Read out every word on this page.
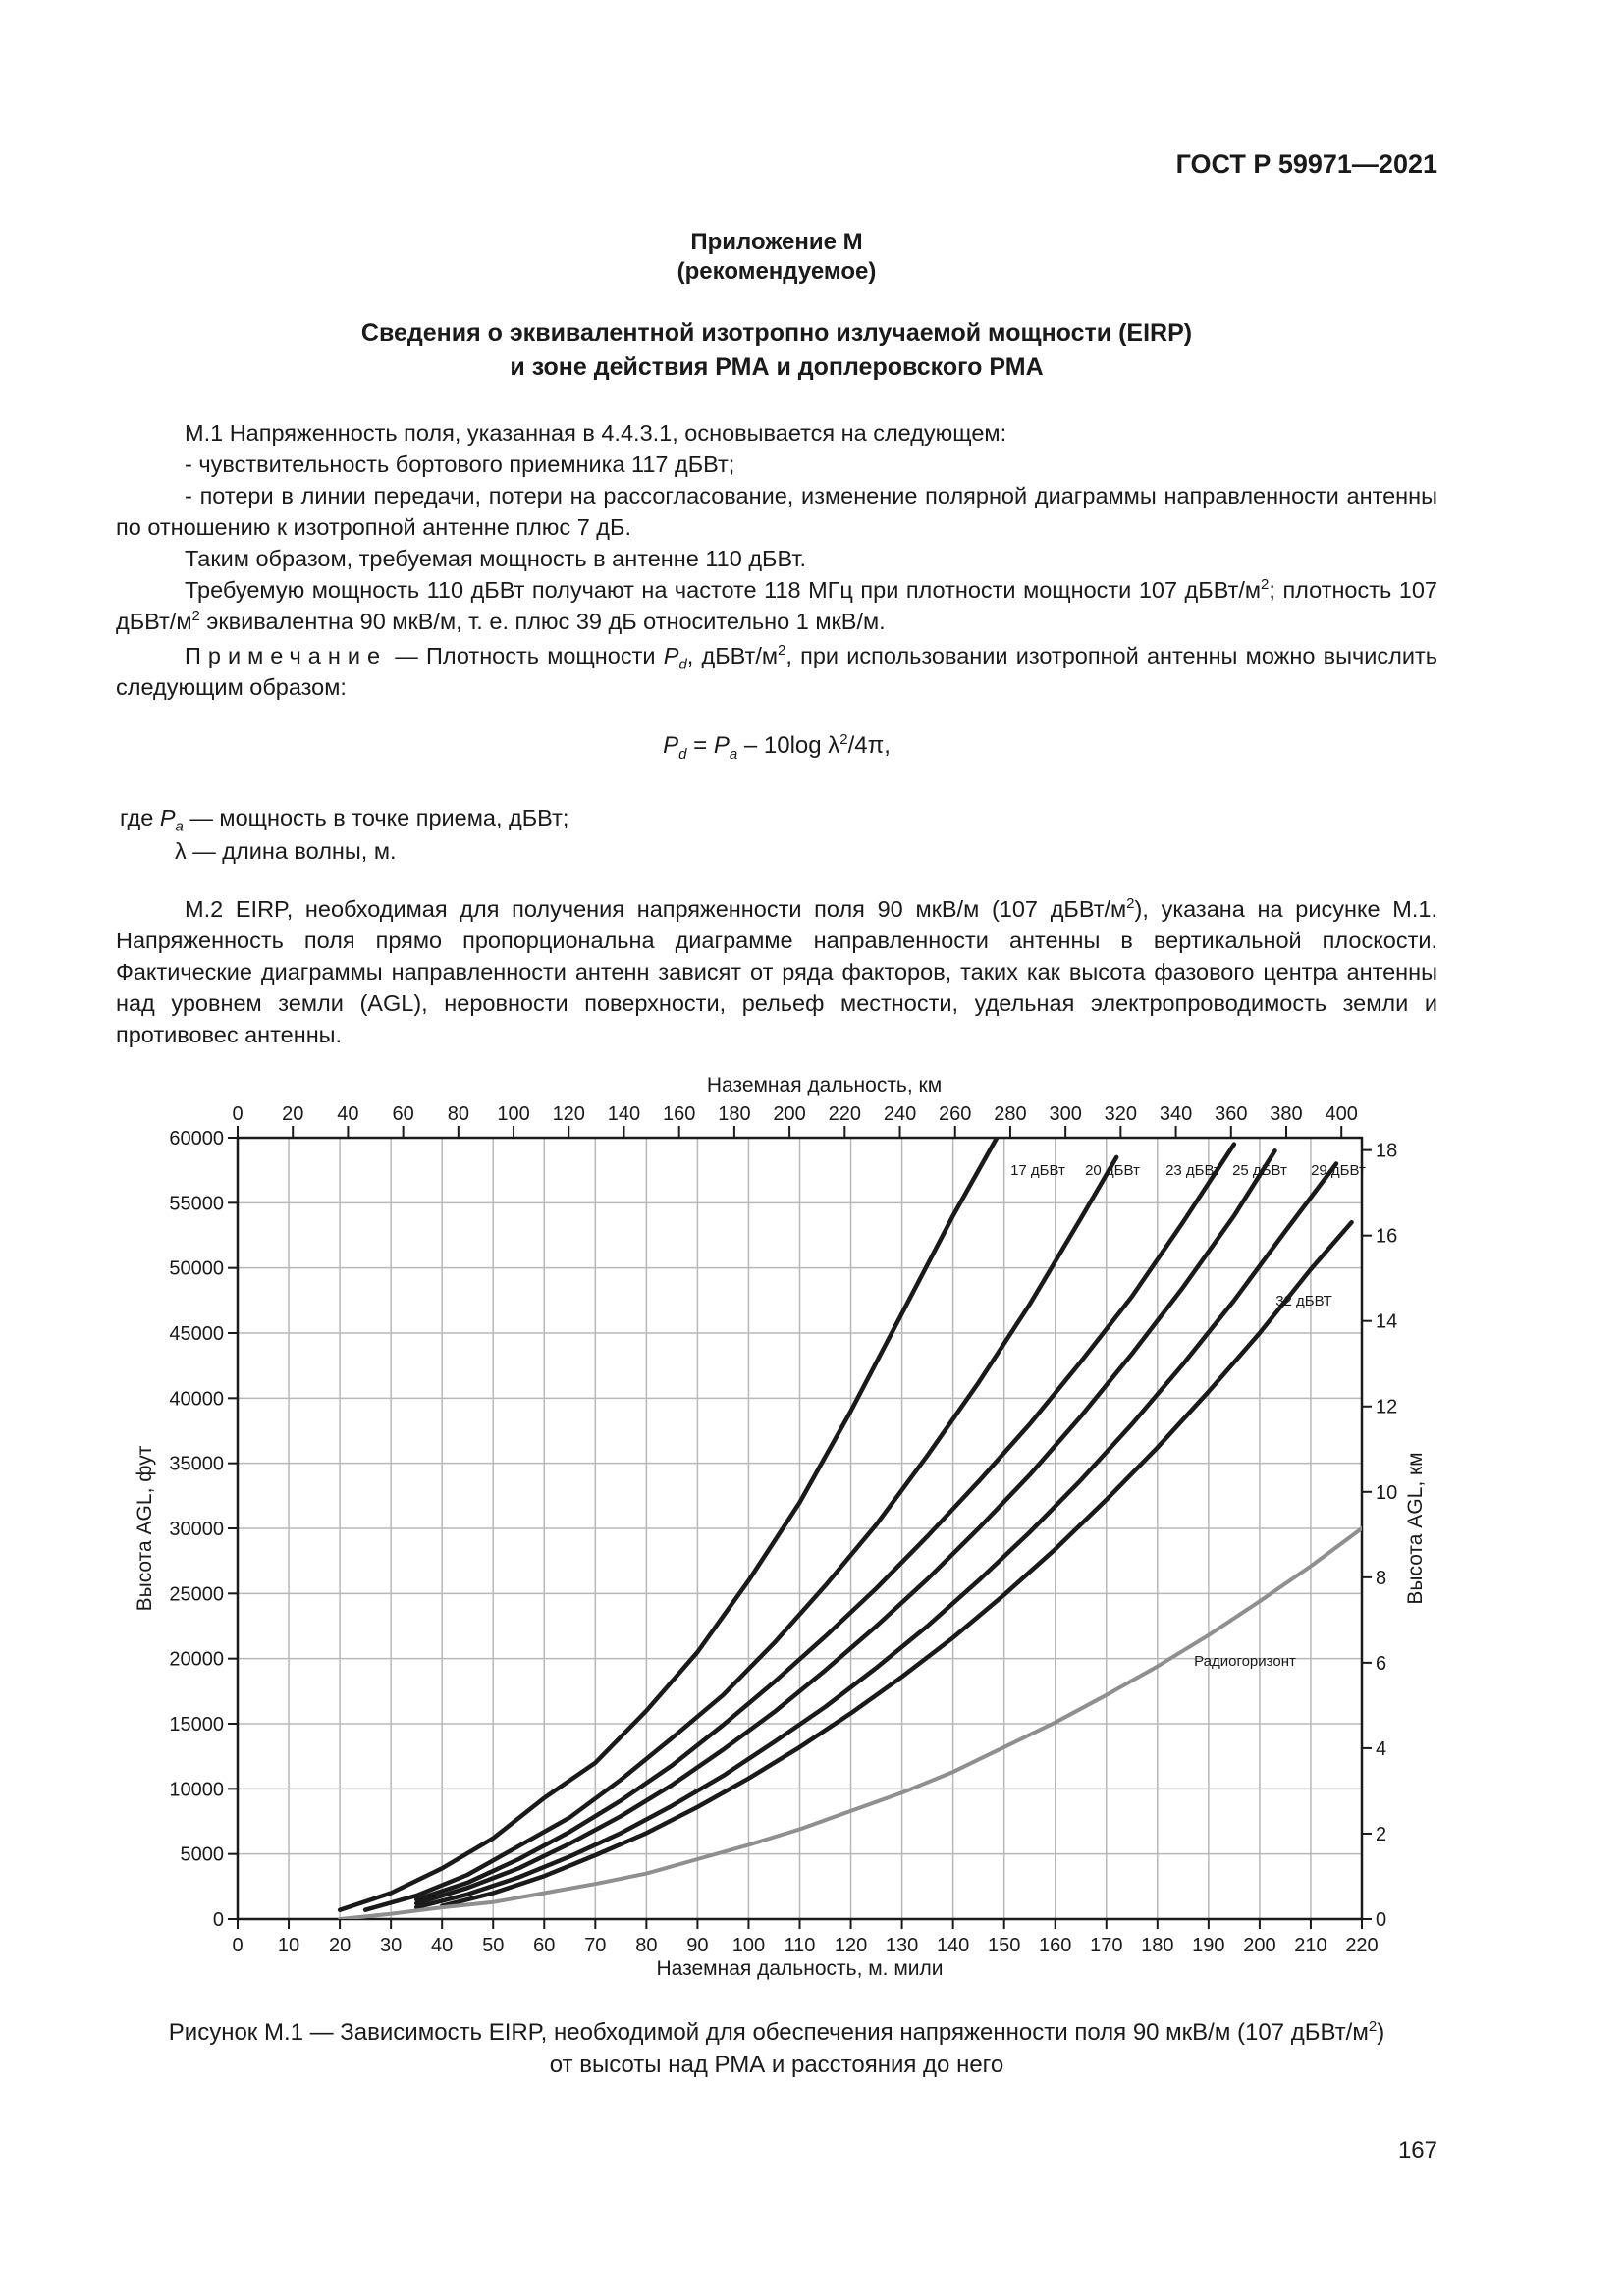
ГОСТ Р 59971—2021
Приложение М
(рекомендуемое)
Сведения о эквивалентной изотропно излучаемой мощности (EIRP)
и зоне действия РМА и доплеровского РМА
М.1 Напряженность поля, указанная в 4.4.3.1, основывается на следующем:
- чувствительность бортового приемника 117 дБВт;
- потери в линии передачи, потери на рассогласование, изменение полярной диаграммы направленности антенны по отношению к изотропной антенне плюс 7 дБ.
Таким образом, требуемая мощность в антенне 110 дБВт.
Требуемую мощность 110 дБВт получают на частоте 118 МГц при плотности мощности 107 дБВт/$м^2$; плотность 107 дБВт/$м^2$ эквивалентна 90 мкВ/м, т. е. плюс 39 дБ относительно 1 мкВ/м.
Примечание — Плотность мощности $P_d$, дБВт/$м^2$, при использовании изотропной антенны можно вычислить следующим образом:
$P_d = P_a - 10\log$ $\lambda^2/4\pi$,
где $P_a$ — мощность в точке приема, дБВт;
λ — длина волны, м.
М.2 EIRP, необходимая для получения напряженности поля 90 мкВ/м (107 дБВт/$м^2$), указана на рисунке М.1. Напряженность поля прямо пропорциональна диаграмме направленности антенны в вертикальной плоскости. Фактические диаграммы направленности антенн зависят от ряда факторов, таких как высота фазового центра антенны над уровнем земли (AGL), неровности поверхности, рельеф местности, удельная электропроводимость земли и противовес антенны.
0 10 20 30 40 50 60 70 80 90 100 110 120 130 140 150 160 170 180 190 200 210 220
Наземная дальность, м. мили
0 20 40 60 80 100 120 140 160 180 200 220 240 260 280 300 320 340 360 380 400
Наземная дальность, км
0
5000
10000
15000
20000
25000
30000
35000
40000
45000
50000
55000
60000
Высота AGL, фут
0
2
4
6
8
10
12
14
16
18
Высота AGL, км
17 дБВт 20 дБВт 23 дБВт 25 дБВт 29 дБВт
32 дБВТ
Радиогоризонт
Рисунок М.1 — Зависимость EIRP, необходимой для обеспечения напряженности поля 90 мкВ/м (107 дБВт/$м^2$)
от высоты над РМА и расстояния до него
167
